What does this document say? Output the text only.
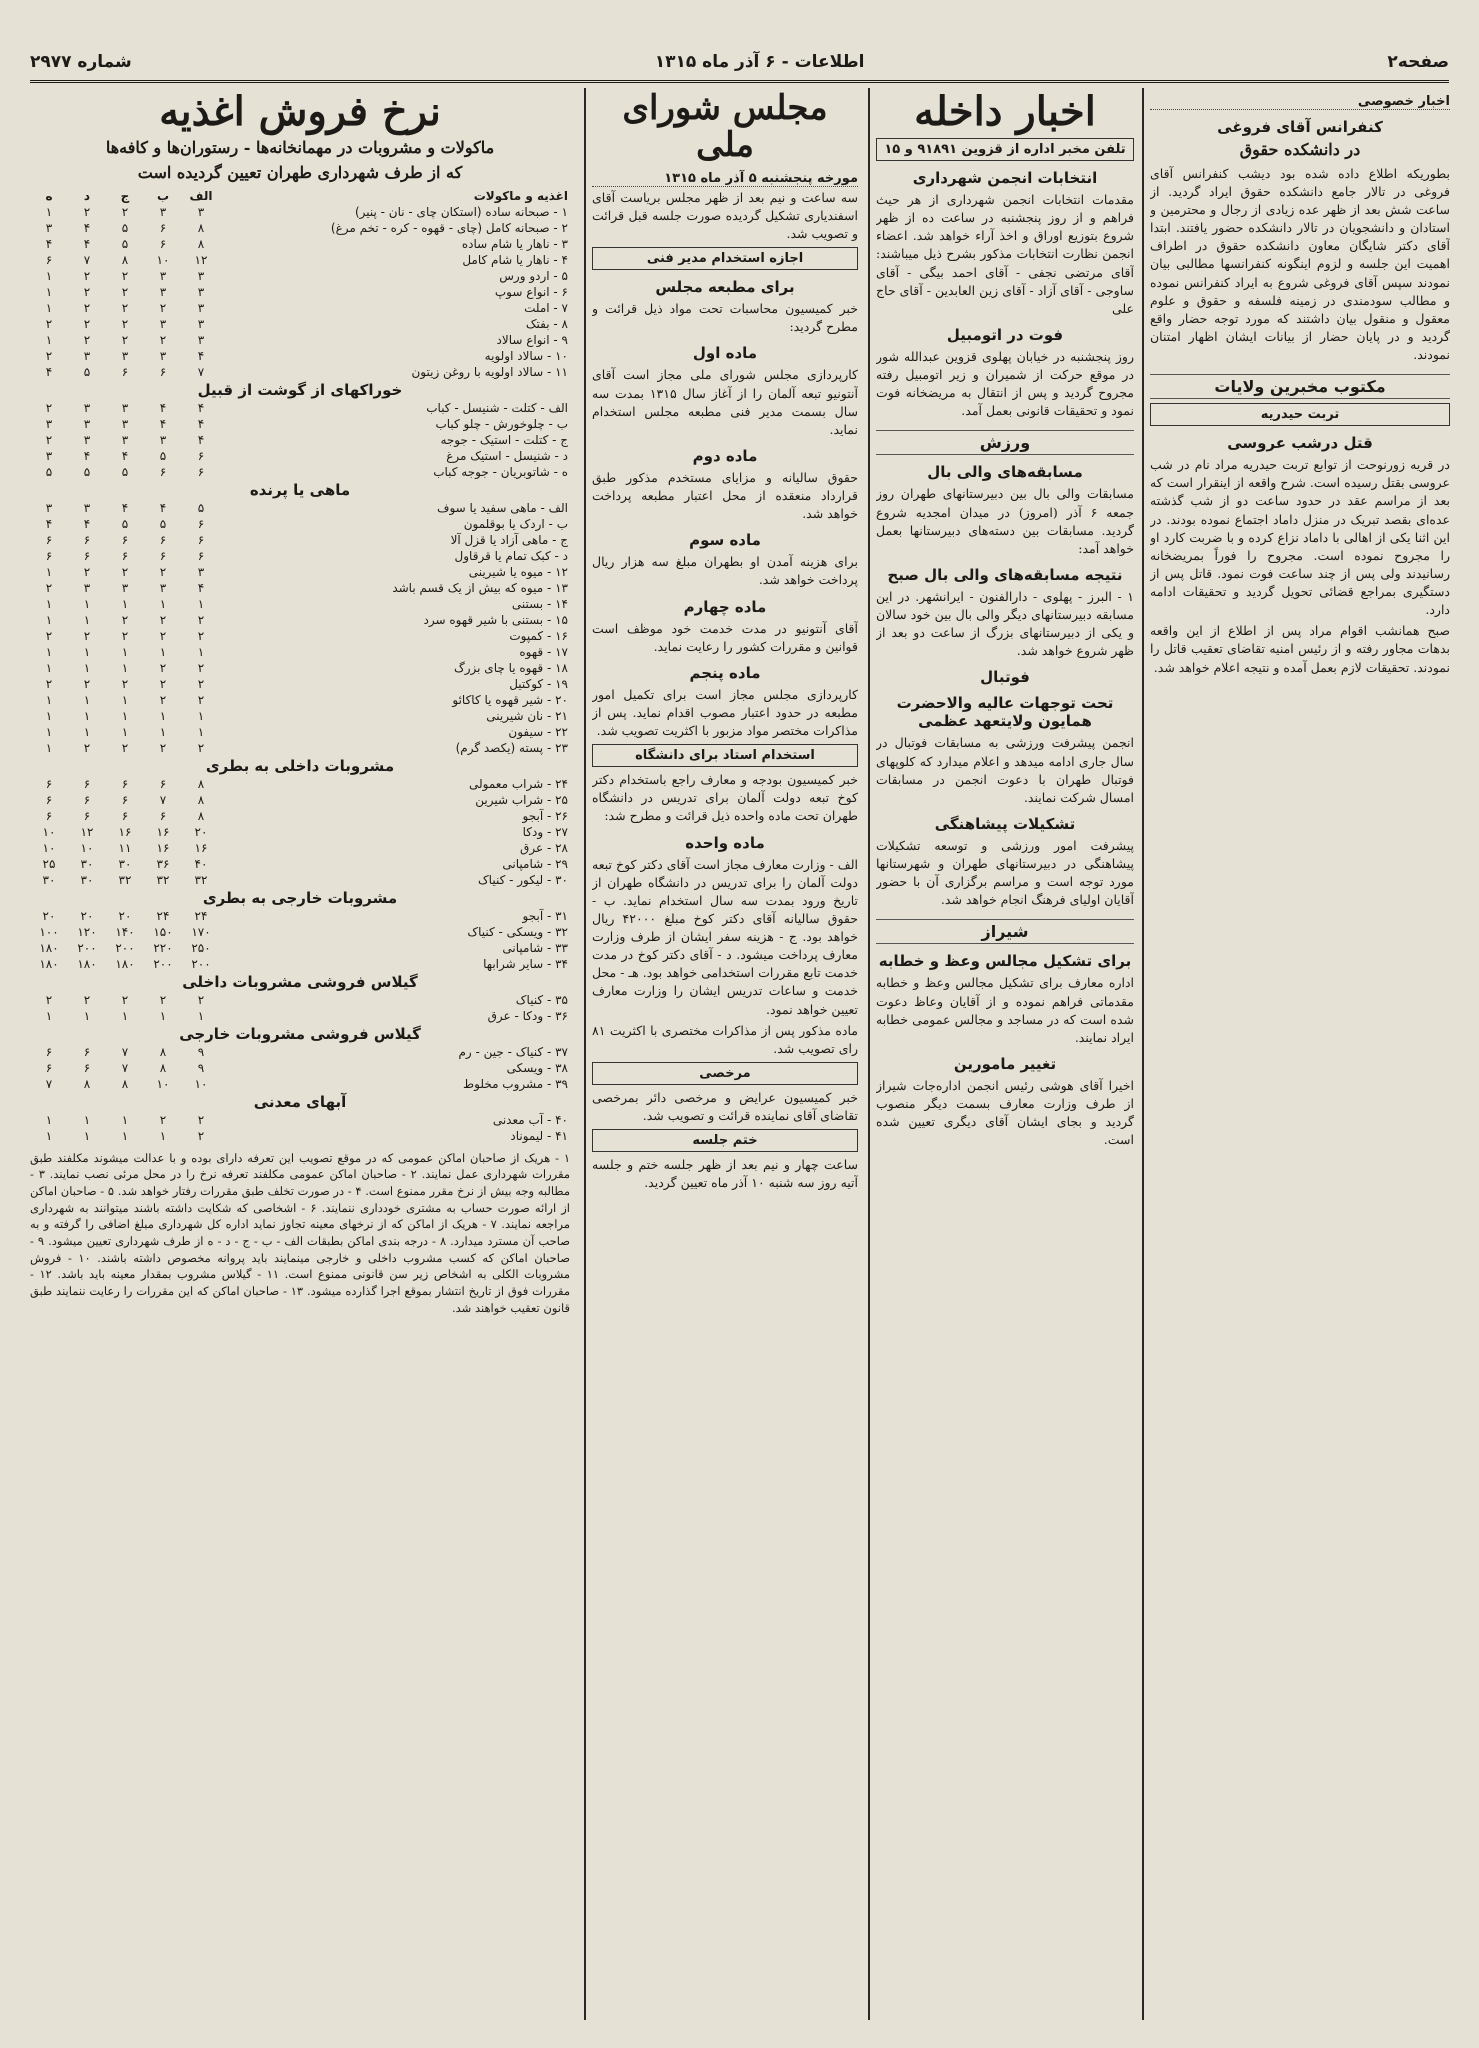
صفحه۲
اطلاعات - ۶ آذر ماه ۱۳۱۵
شماره ۲۹۷۷
اخبار خصوصی
کنفرانس آقای فروغی
در دانشکده حقوق

بطوریکه اطلاع داده شده بود دیشب کنفرانس آقای فروغی در تالار جامع دانشکده حقوق ایراد گردید. از ساعت شش بعد از ظهر عده زیادی از رجال و محترمین و استادان و دانشجویان در تالار دانشکده حضور یافتند. ابتدا آقای دکتر شایگان معاون دانشکده حقوق در اطراف اهمیت این جلسه و لزوم اینگونه کنفرانسها مطالبی بیان نمودند سپس آقای فروغی شروع به ایراد کنفرانس نموده و مطالب سودمندی در زمینه فلسفه و حقوق و علوم معقول و منقول بیان داشتند که مورد توجه حضار واقع گردید و در پایان حضار از بیانات ایشان اظهار امتنان نمودند.

مکتوب مخبرین ولایات
تربت حیدریه
قتل درشب عروسی

در قریه زورنوحت از توابع تربت حیدریه مراد نام در شب عروسی بقتل رسیده است. شرح واقعه از اینقرار است که بعد از مراسم عقد در حدود ساعت دو از شب گذشته عده‌ای بقصد تبریک در منزل داماد اجتماع نموده بودند. در این اثنا یکی از اهالی با داماد نزاع کرده و با ضربت کارد او را مجروح نموده است. مجروح را فوراً بمریضخانه رسانیدند ولی پس از چند ساعت فوت نمود. قاتل پس از دستگیری بمراجع قضائی تحویل گردید و تحقیقات ادامه دارد.

صبح همانشب اقوام مراد پس از اطلاع از این واقعه بدهات مجاور رفته و از رئیس امنیه تقاضای تعقیب قاتل را نمودند. تحقیقات لازم بعمل آمده و نتیجه اعلام خواهد شد.

اخبار داخله
تلفن مخبر اداره از قزوین ۹۱۸۹۱ و ۱۵
انتخابات انجمن شهرداری

مقدمات انتخابات انجمن شهرداری از هر حیث فراهم و از روز پنجشنبه در ساعت ده از ظهر شروع بتوزیع اوراق و اخذ آراء خواهد شد. اعضاء انجمن نظارت انتخابات مذکور بشرح ذیل میباشند: آقای مرتضی نجفی - آقای احمد بیگی - آقای ساوجی - آقای آزاد - آقای زین العابدین - آقای حاج علی

فوت در اتومبیل

روز پنجشنبه در خیابان پهلوی قزوین عبدالله شور در موقع حرکت از شمیران و زیر اتومبیل رفته مجروح گردید و پس از انتقال به مریضخانه فوت نمود و تحقیقات قانونی بعمل آمد.

ورزش
مسابقه‌های والی بال

مسابقات والی بال بین دبیرستانهای طهران روز جمعه ۶ آذر (امروز) در میدان امجدیه شروع گردید. مسابقات بین دسته‌های دبیرستانها بعمل خواهد آمد:

نتیجه مسابقه‌های والی بال صبح

۱ - البرز - پهلوی - دارالفنون - ایرانشهر. در این مسابقه دبیرستانهای دیگر والی بال بین خود سالان و یکی از دبیرستانهای بزرگ از ساعت دو بعد از ظهر شروع خواهد شد.

فوتبال
تحت توجهات عالیه والاحضرت همایون ولایتعهد عظمی

انجمن پیشرفت ورزشی به مسابقات فوتبال در سال جاری ادامه میدهد و اعلام میدارد که کلوپهای فوتبال طهران با دعوت انجمن در مسابقات امسال شرکت نمایند.

تشکیلات پیشاهنگی

پیشرفت امور ورزشی و توسعه تشکیلات پیشاهنگی در دبیرستانهای طهران و شهرستانها مورد توجه است و مراسم برگزاری آن با حضور آقایان اولیای فرهنگ انجام خواهد شد.

شیراز
برای تشکیل مجالس وعظ و خطابه

اداره معارف برای تشکیل مجالس وعظ و خطابه مقدماتی فراهم نموده و از آقایان وعاظ دعوت شده است که در مساجد و مجالس عمومی خطابه ایراد نمایند.

تغییر مامورین

اخیرا آقای هوشی رئیس انجمن اداره‌جات شیراز از طرف وزارت معارف بسمت دیگر منصوب گردید و بجای ایشان آقای دیگری تعیین شده است.

مجلس شورای ملی
مورخه پنجشنبه ۵ آذر ماه ۱۳۱۵

سه ساعت و نیم بعد از ظهر مجلس بریاست آقای اسفندیاری تشکیل گردیده صورت جلسه قبل قرائت و تصویب شد.

اجازه استخدام مدیر فنی
برای مطبعه مجلس

خبر کمیسیون محاسبات تحت مواد ذیل قرائت و مطرح گردید:

ماده اول

کارپردازی مجلس شورای ملی مجاز است آقای آنتونیو تبعه آلمان را از آغاز سال ۱۳۱۵ بمدت سه سال بسمت مدیر فنی مطبعه مجلس استخدام نماید.

ماده دوم

حقوق سالیانه و مزایای مستخدم مذکور طبق قرارداد منعقده از محل اعتبار مطبعه پرداخت خواهد شد.

ماده سوم

برای هزینه آمدن او بطهران مبلغ سه هزار ریال پرداخت خواهد شد.

ماده چهارم

آقای آنتونیو در مدت خدمت خود موظف است قوانین و مقررات کشور را رعایت نماید.

ماده پنجم

کارپردازی مجلس مجاز است برای تکمیل امور مطبعه در حدود اعتبار مصوب اقدام نماید. پس از مذاکرات مختصر مواد مزبور با اکثریت تصویب شد.

استخدام استاد برای دانشگاه

خبر کمیسیون بودجه و معارف راجع باستخدام دکتر کوخ تبعه دولت آلمان برای تدریس در دانشگاه طهران تحت ماده واحده ذیل قرائت و مطرح شد:

ماده واحده

الف - وزارت معارف مجاز است آقای دکتر کوخ تبعه دولت آلمان را برای تدریس در دانشگاه طهران از تاریخ ورود بمدت سه سال استخدام نماید. ب - حقوق سالیانه آقای دکتر کوخ مبلغ ۴۲۰۰۰ ریال خواهد بود. ج - هزینه سفر ایشان از طرف وزارت معارف پرداخت میشود. د - آقای دکتر کوخ در مدت خدمت تابع مقررات استخدامی خواهد بود. هـ - محل خدمت و ساعات تدریس ایشان را وزارت معارف تعیین خواهد نمود.

ماده مذکور پس از مذاکرات مختصری با اکثریت ۸۱ رای تصویب شد.

مرخصی

خبر کمیسیون عرایض و مرخصی دائر بمرخصی تقاضای آقای نماینده قرائت و تصویب شد.

ختم جلسه

ساعت چهار و نیم بعد از ظهر جلسه ختم و جلسه آتیه روز سه شنبه ۱۰ آذر ماه تعیین گردید.

نرخ فروش اغذیه
ماکولات و مشروبات در مهمانخانه‌ها - رستوران‌ها و کافه‌ها
که از طرف شهرداری طهران تعیین گردیده است
اغذیه و ماکولات	الف	ب	ج	د	ه
۱ - صبحانه ساده (استکان چای - نان - پنیر)	۳	۳	۲	۲	۱
۲ - صبحانه کامل (چای - قهوه - کره - تخم مرغ)	۸	۶	۵	۴	۳
۳ - ناهار یا شام ساده	۸	۶	۵	۴	۴
۴ - ناهار یا شام کامل	۱۲	۱۰	۸	۷	۶
۵ - اردو ورس	۳	۳	۲	۲	۱
۶ - انواع سوپ	۳	۳	۲	۲	۱
۷ - املت	۳	۲	۲	۲	۱
۸ - بفتک	۳	۳	۲	۲	۲
۹ - انواع سالاد	۳	۲	۲	۲	۱
۱۰ - سالاد اولویه	۴	۳	۳	۳	۲
۱۱ - سالاد اولویه با روغن زیتون	۷	۶	۶	۵	۴
خوراکهای از گوشت از قبیل					
الف - کتلت - شنیسل - کباب	۴	۴	۳	۳	۲
ب - چلوخورش - چلو کباب	۴	۴	۳	۳	۳
ج - کتلت - استیک - جوجه	۴	۳	۳	۳	۲
د - شنیسل - استیک مرغ	۶	۵	۴	۴	۳
ه - شاتوبریان - جوجه کباب	۶	۶	۵	۵	۵
ماهی یا پرنده					
الف - ماهی سفید یا سوف	۵	۴	۴	۳	۳
ب - اردک یا بوقلمون	۶	۵	۵	۴	۴
ج - ماهی آزاد یا قزل آلا	۶	۶	۶	۶	۶
د - کبک تمام یا قرقاول	۶	۶	۶	۶	۶
۱۲ - میوه یا شیرینی	۳	۲	۲	۲	۱
۱۳ - میوه که بیش از یک قسم باشد	۴	۳	۳	۳	۲
۱۴ - بستنی	۱	۱	۱	۱	۱
۱۵ - بستنی با شیر قهوه سرد	۲	۲	۲	۱	۱
۱۶ - کمپوت	۲	۲	۲	۲	۲
۱۷ - قهوه	۱	۱	۱	۱	۱
۱۸ - قهوه یا چای بزرگ	۲	۲	۱	۱	۱
۱۹ - کوکتیل	۲	۲	۲	۲	۲
۲۰ - شیر قهوه یا کاکائو	۲	۲	۱	۱	۱
۲۱ - نان شیرینی	۱	۱	۱	۱	۱
۲۲ - سیفون	۱	۱	۱	۱	۱
۲۳ - پسته (یکصد گرم)	۲	۲	۲	۲	۱
مشروبات داخلی به بطری					
۲۴ - شراب معمولی	۸	۶	۶	۶	۶
۲۵ - شراب شیرین	۸	۷	۶	۶	۶
۲۶ - آبجو	۸	۶	۶	۶	۶
۲۷ - ودکا	۲۰	۱۶	۱۶	۱۲	۱۰
۲۸ - عرق	۱۶	۱۶	۱۱	۱۰	۱۰
۲۹ - شامپانی	۴۰	۳۶	۳۰	۳۰	۲۵
۳۰ - لیکور - کنیاک	۳۲	۳۲	۳۲	۳۰	۳۰
مشروبات خارجی به بطری					
۳۱ - آبجو	۲۴	۲۴	۲۰	۲۰	۲۰
۳۲ - ویسکی - کنیاک	۱۷۰	۱۵۰	۱۴۰	۱۲۰	۱۰۰
۳۳ - شامپانی	۲۵۰	۲۲۰	۲۰۰	۲۰۰	۱۸۰
۳۴ - سایر شرابها	۲۰۰	۲۰۰	۱۸۰	۱۸۰	۱۸۰
گیلاس فروشی مشروبات داخلی					
۳۵ - کنیاک	۲	۲	۲	۲	۲
۳۶ - ودکا - عرق	۱	۱	۱	۱	۱
گیلاس فروشی مشروبات خارجی					
۳۷ - کنیاک - جین - رم	۹	۸	۷	۶	۶
۳۸ - ویسکی	۹	۸	۷	۶	۶
۳۹ - مشروب مخلوط	۱۰	۱۰	۸	۸	۷
آبهای معدنی					
۴۰ - آب معدنی	۲	۲	۱	۱	۱
۴۱ - لیموناد	۲	۱	۱	۱	۱

۱ - هریک از صاحبان اماکن عمومی که در موقع تصویب این تعرفه دارای بوده و با عدالت میشوند مکلفند طبق مقررات شهرداری عمل نمایند. ۲ - صاحبان اماکن عمومی مکلفند تعرفه نرخ را در محل مرئی نصب نمایند. ۳ - مطالبه وجه بیش از نرخ مقرر ممنوع است. ۴ - در صورت تخلف طبق مقررات رفتار خواهد شد. ۵ - صاحبان اماکن از ارائه صورت حساب به مشتری خودداری ننمایند. ۶ - اشخاصی که شکایت داشته باشند میتوانند به شهرداری مراجعه نمایند. ۷ - هریک از اماکن که از نرخهای معینه تجاوز نماید اداره کل شهرداری مبلغ اضافی را گرفته و به صاحب آن مسترد میدارد. ۸ - درجه بندی اماکن بطبقات الف - ب - ج - د - ه از طرف شهرداری تعیین میشود. ۹ - صاحبان اماکن که کسب مشروب داخلی و خارجی مینمایند باید پروانه مخصوص داشته باشند. ۱۰ - فروش مشروبات الکلی به اشخاص زیر سن قانونی ممنوع است. ۱۱ - گیلاس مشروب بمقدار معینه باید باشد. ۱۲ - مقررات فوق از تاریخ انتشار بموقع اجرا گذارده میشود. ۱۳ - صاحبان اماکن که این مقررات را رعایت ننمایند طبق قانون تعقیب خواهند شد.
